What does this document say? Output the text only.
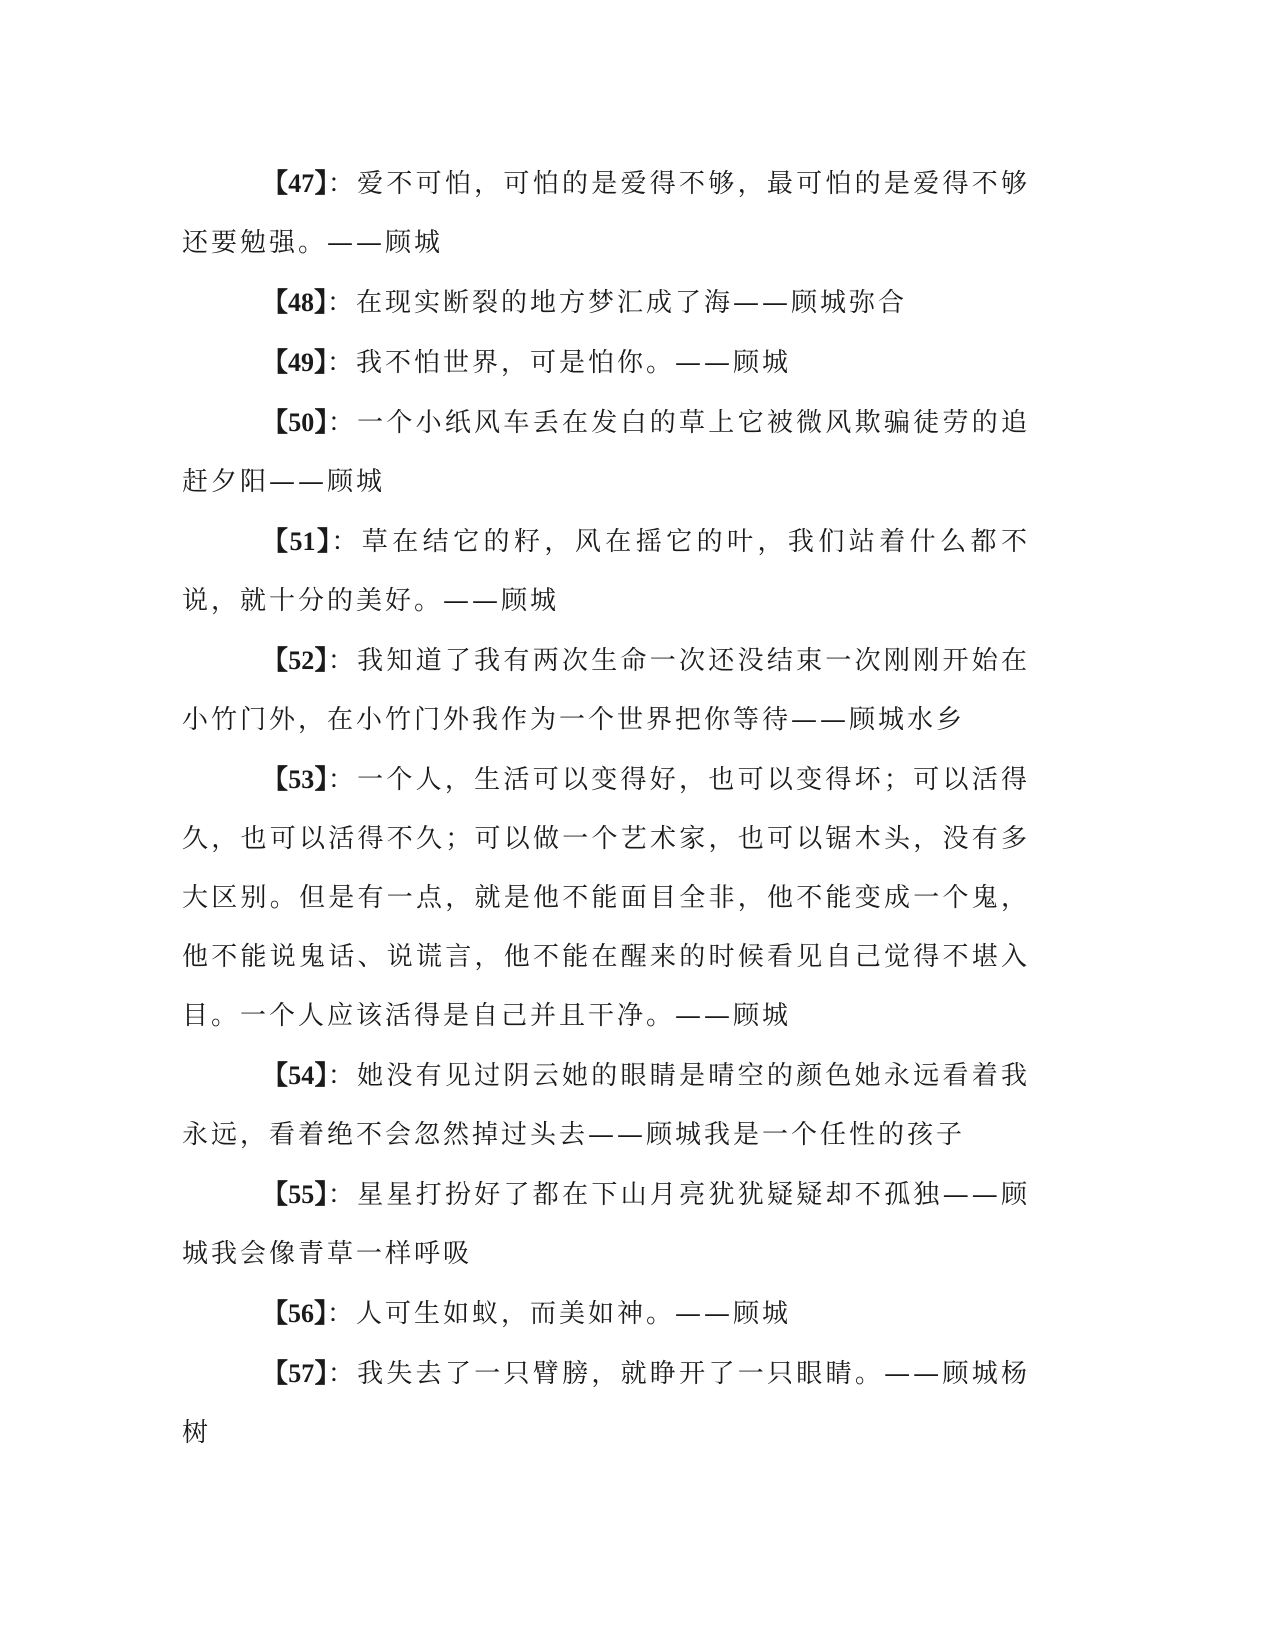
【47】：爱不可怕，可怕的是爱得不够，最可怕的是爱得不够还要勉强。——顾城

【48】：在现实断裂的地方梦汇成了海——顾城弥合

【49】：我不怕世界，可是怕你。——顾城

【50】：一个小纸风车丢在发白的草上它被微风欺骗徒劳的追赶夕阳——顾城

【51】：草在结它的籽，风在摇它的叶，我们站着什么都不说，就十分的美好。——顾城

【52】：我知道了我有两次生命一次还没结束一次刚刚开始在小竹门外，在小竹门外我作为一个世界把你等待——顾城水乡

【53】：一个人，生活可以变得好，也可以变得坏；可以活得久，也可以活得不久；可以做一个艺术家，也可以锯木头，没有多大区别。但是有一点，就是他不能面目全非，他不能变成一个鬼，他不能说鬼话、说谎言，他不能在醒来的时候看见自己觉得不堪入目。一个人应该活得是自己并且干净。——顾城

【54】：她没有见过阴云她的眼睛是晴空的颜色她永远看着我永远，看着绝不会忽然掉过头去——顾城我是一个任性的孩子

【55】：星星打扮好了都在下山月亮犹犹疑疑却不孤独——顾城我会像青草一样呼吸

【56】：人可生如蚁，而美如神。——顾城

【57】：我失去了一只臂膀，就睁开了一只眼睛。——顾城杨树
